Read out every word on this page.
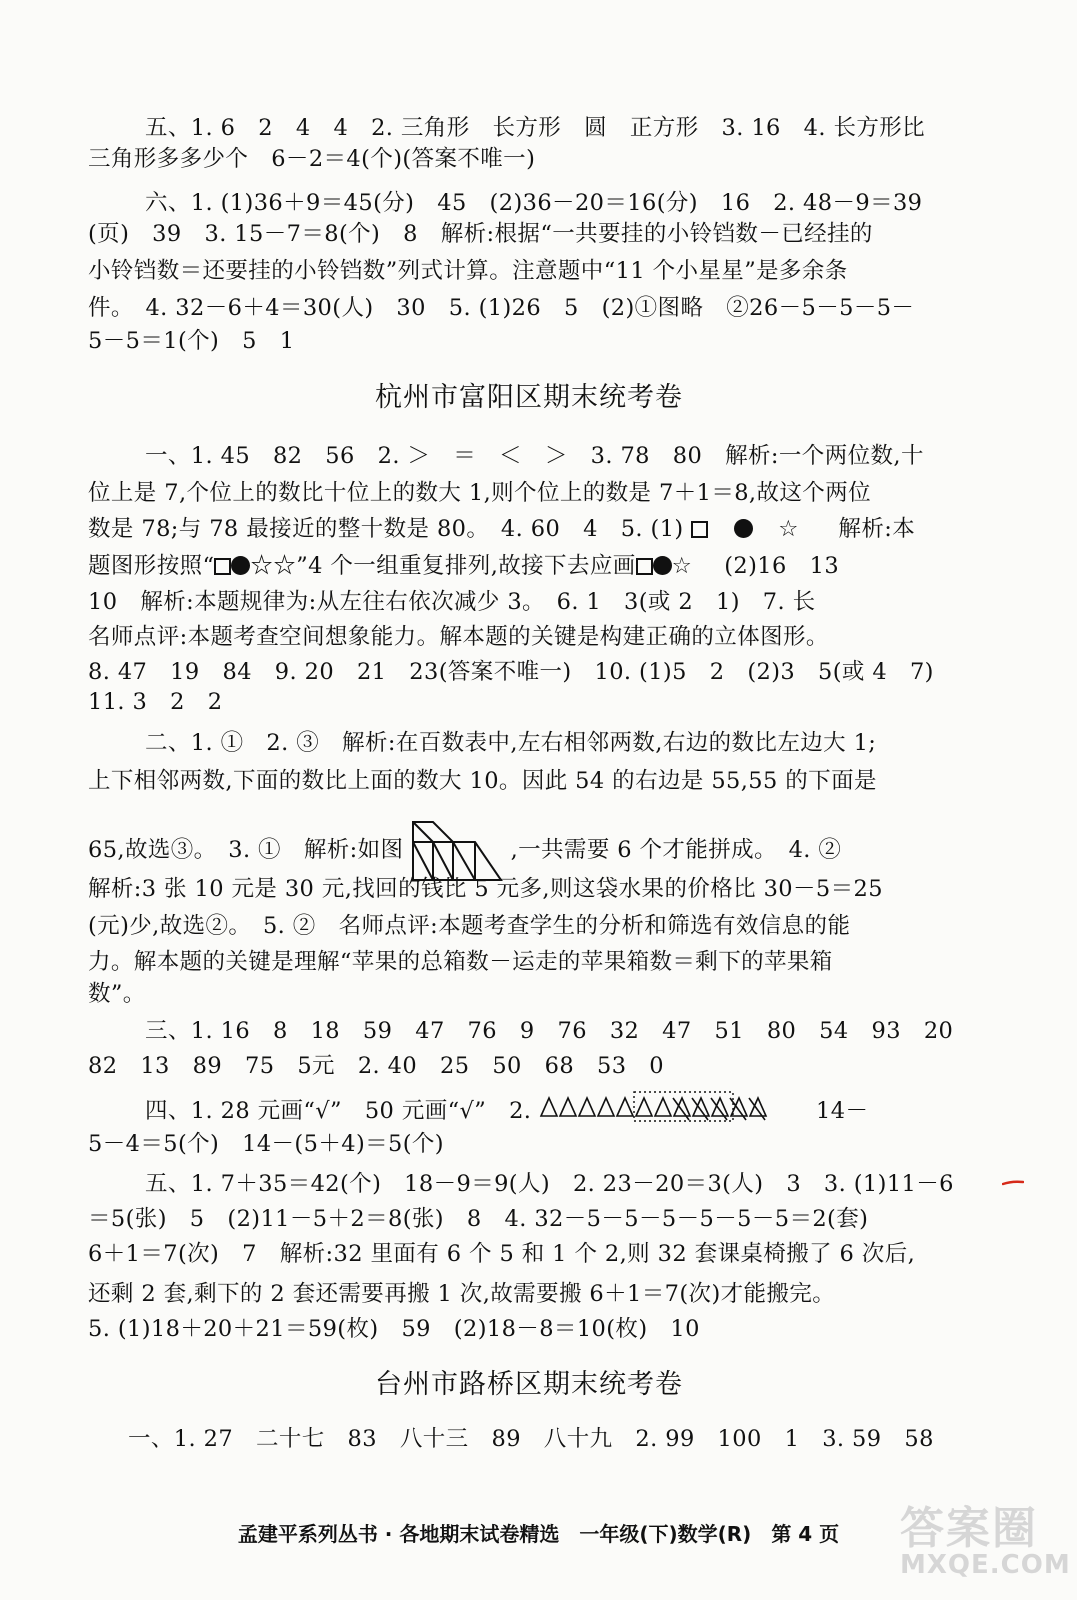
五、1. 6　2　4　4　2. 三角形　长方形　圆　正方形　3. 16　4. 长方形比
三角形多多少个　6－2＝4(个)(答案不唯一)
六、1. (1)36＋9＝45(分)　45　(2)36－20＝16(分)　16　2. 48－9＝39
(页)　39　3. 15－7＝8(个)　8　解析:根据“一共要挂的小铃铛数－已经挂的
小铃铛数＝还要挂的小铃铛数”列式计算。注意题中“11 个小星星”是多余条
件。　4. 32－6＋4＝30(人)　30　5. (1)26　5　(2)①图略　②26－5－5－5－
5－5＝1(个)　5　1
杭州市富阳区期末统考卷
一、1. 45　82　56　2. ＞　＝　＜　＞　3. 78　80　解析:一个两位数,十
位上是 7,个位上的数比十位上的数大 1,则个位上的数是 7＋1＝8,故这个两位
数是 78;与 78 最接近的整十数是 80。　4. 60　4　5. (1)	☆ 解析:本
题图形按照“ ☆☆”4 个一组重复排列,故接下去应画 ☆ (2)16　13
10　解析:本题规律为:从左往右依次减少 3。　6. 1　3(或 2　1)　7. 长
名师点评:本题考查空间想象能力。解本题的关键是构建正确的立体图形。
8. 47　19　84　9. 20　21　23(答案不唯一)　10. (1)5　2　(2)3　5(或 4　7)
11. 3　2　2
二、1. ①　2. ③　解析:在百数表中,左右相邻两数,右边的数比左边大 1;
上下相邻两数,下面的数比上面的数大 10。因此 54 的右边是 55,55 的下面是
65,故选③。　3. ①　解析:如图	,一共需要 6 个才能拼成。　4. ②
解析:3 张 10 元是 30 元,找回的钱比 5 元多,则这袋水果的价格比 30－5＝25
(元)少,故选②。　5. ②　名师点评:本题考查学生的分析和筛选有效信息的能
力。解本题的关键是理解“苹果的总箱数－运走的苹果箱数＝剩下的苹果箱
数”。
三、1. 16　8　18　59　47　76　9　76　32　47　51　80　54　93　20
82　13　89　75　5元　2. 40　25　50　68　53　0
四、1. 28 元画“√”　50 元画“√”　2.	14－
5－4＝5(个)　14－(5＋4)＝5(个)
五、1. 7＋35＝42(个)　18－9＝9(人)　2. 23－20＝3(人)　3　3. (1)11－6
＝5(张)　5　(2)11－5＋2＝8(张)　8　4. 32－5－5－5－5－5－5＝2(套)
6＋1＝7(次)　7　解析:32 里面有 6 个 5 和 1 个 2,则 32 套课桌椅搬了 6 次后,
还剩 2 套,剩下的 2 套还需要再搬 1 次,故需要搬 6＋1＝7(次)才能搬完。
5. (1)18＋20＋21＝59(枚)　59　(2)18－8＝10(枚)　10
台州市路桥区期末统考卷
一、1. 27　二十七　83　八十三　89　八十九　2. 99　100　1　3. 59　58
孟建平系列丛书 · 各地期末试卷精选　一年级(下)数学(R)　第 4 页	答案圈
MXQE.COM
